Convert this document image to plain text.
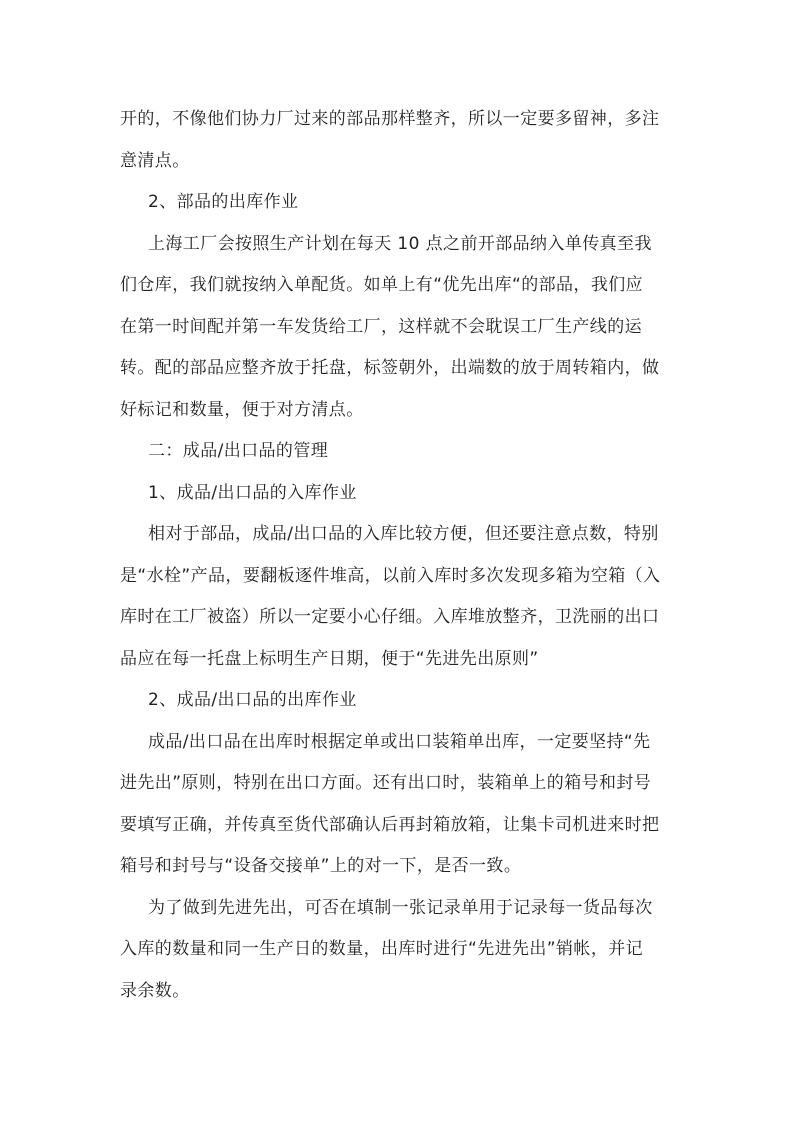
开的，不像他们协力厂过来的部品那样整齐，所以一定要多留神，多注
意清点。
2、部品的出库作业
上海工厂会按照生产计划在每天 10 点之前开部品纳入单传真至我
们仓库，我们就按纳入单配货。如单上有“优先出库“的部品，我们应
在第一时间配并第一车发货给工厂，这样就不会耽误工厂生产线的运
转。配的部品应整齐放于托盘，标签朝外，出端数的放于周转箱内，做
好标记和数量，便于对方清点。
二：成品/出口品的管理
1、成品/出口品的入库作业
相对于部品，成品/出口品的入库比较方便，但还要注意点数，特别
是“水栓”产品，要翻板逐件堆高，以前入库时多次发现多箱为空箱（入
库时在工厂被盗）所以一定要小心仔细。入库堆放整齐，卫洗丽的出口
品应在每一托盘上标明生产日期，便于“先进先出原则”
2、成品/出口品的出库作业
成品/出口品在出库时根据定单或出口装箱单出库，一定要坚持“先
进先出”原则，特别在出口方面。还有出口时，装箱单上的箱号和封号
要填写正确，并传真至货代部确认后再封箱放箱，让集卡司机进来时把
箱号和封号与“设备交接单”上的对一下，是否一致。
为了做到先进先出，可否在填制一张记录单用于记录每一货品每次
入库的数量和同一生产日的数量，出库时进行“先进先出”销帐，并记
录余数。
